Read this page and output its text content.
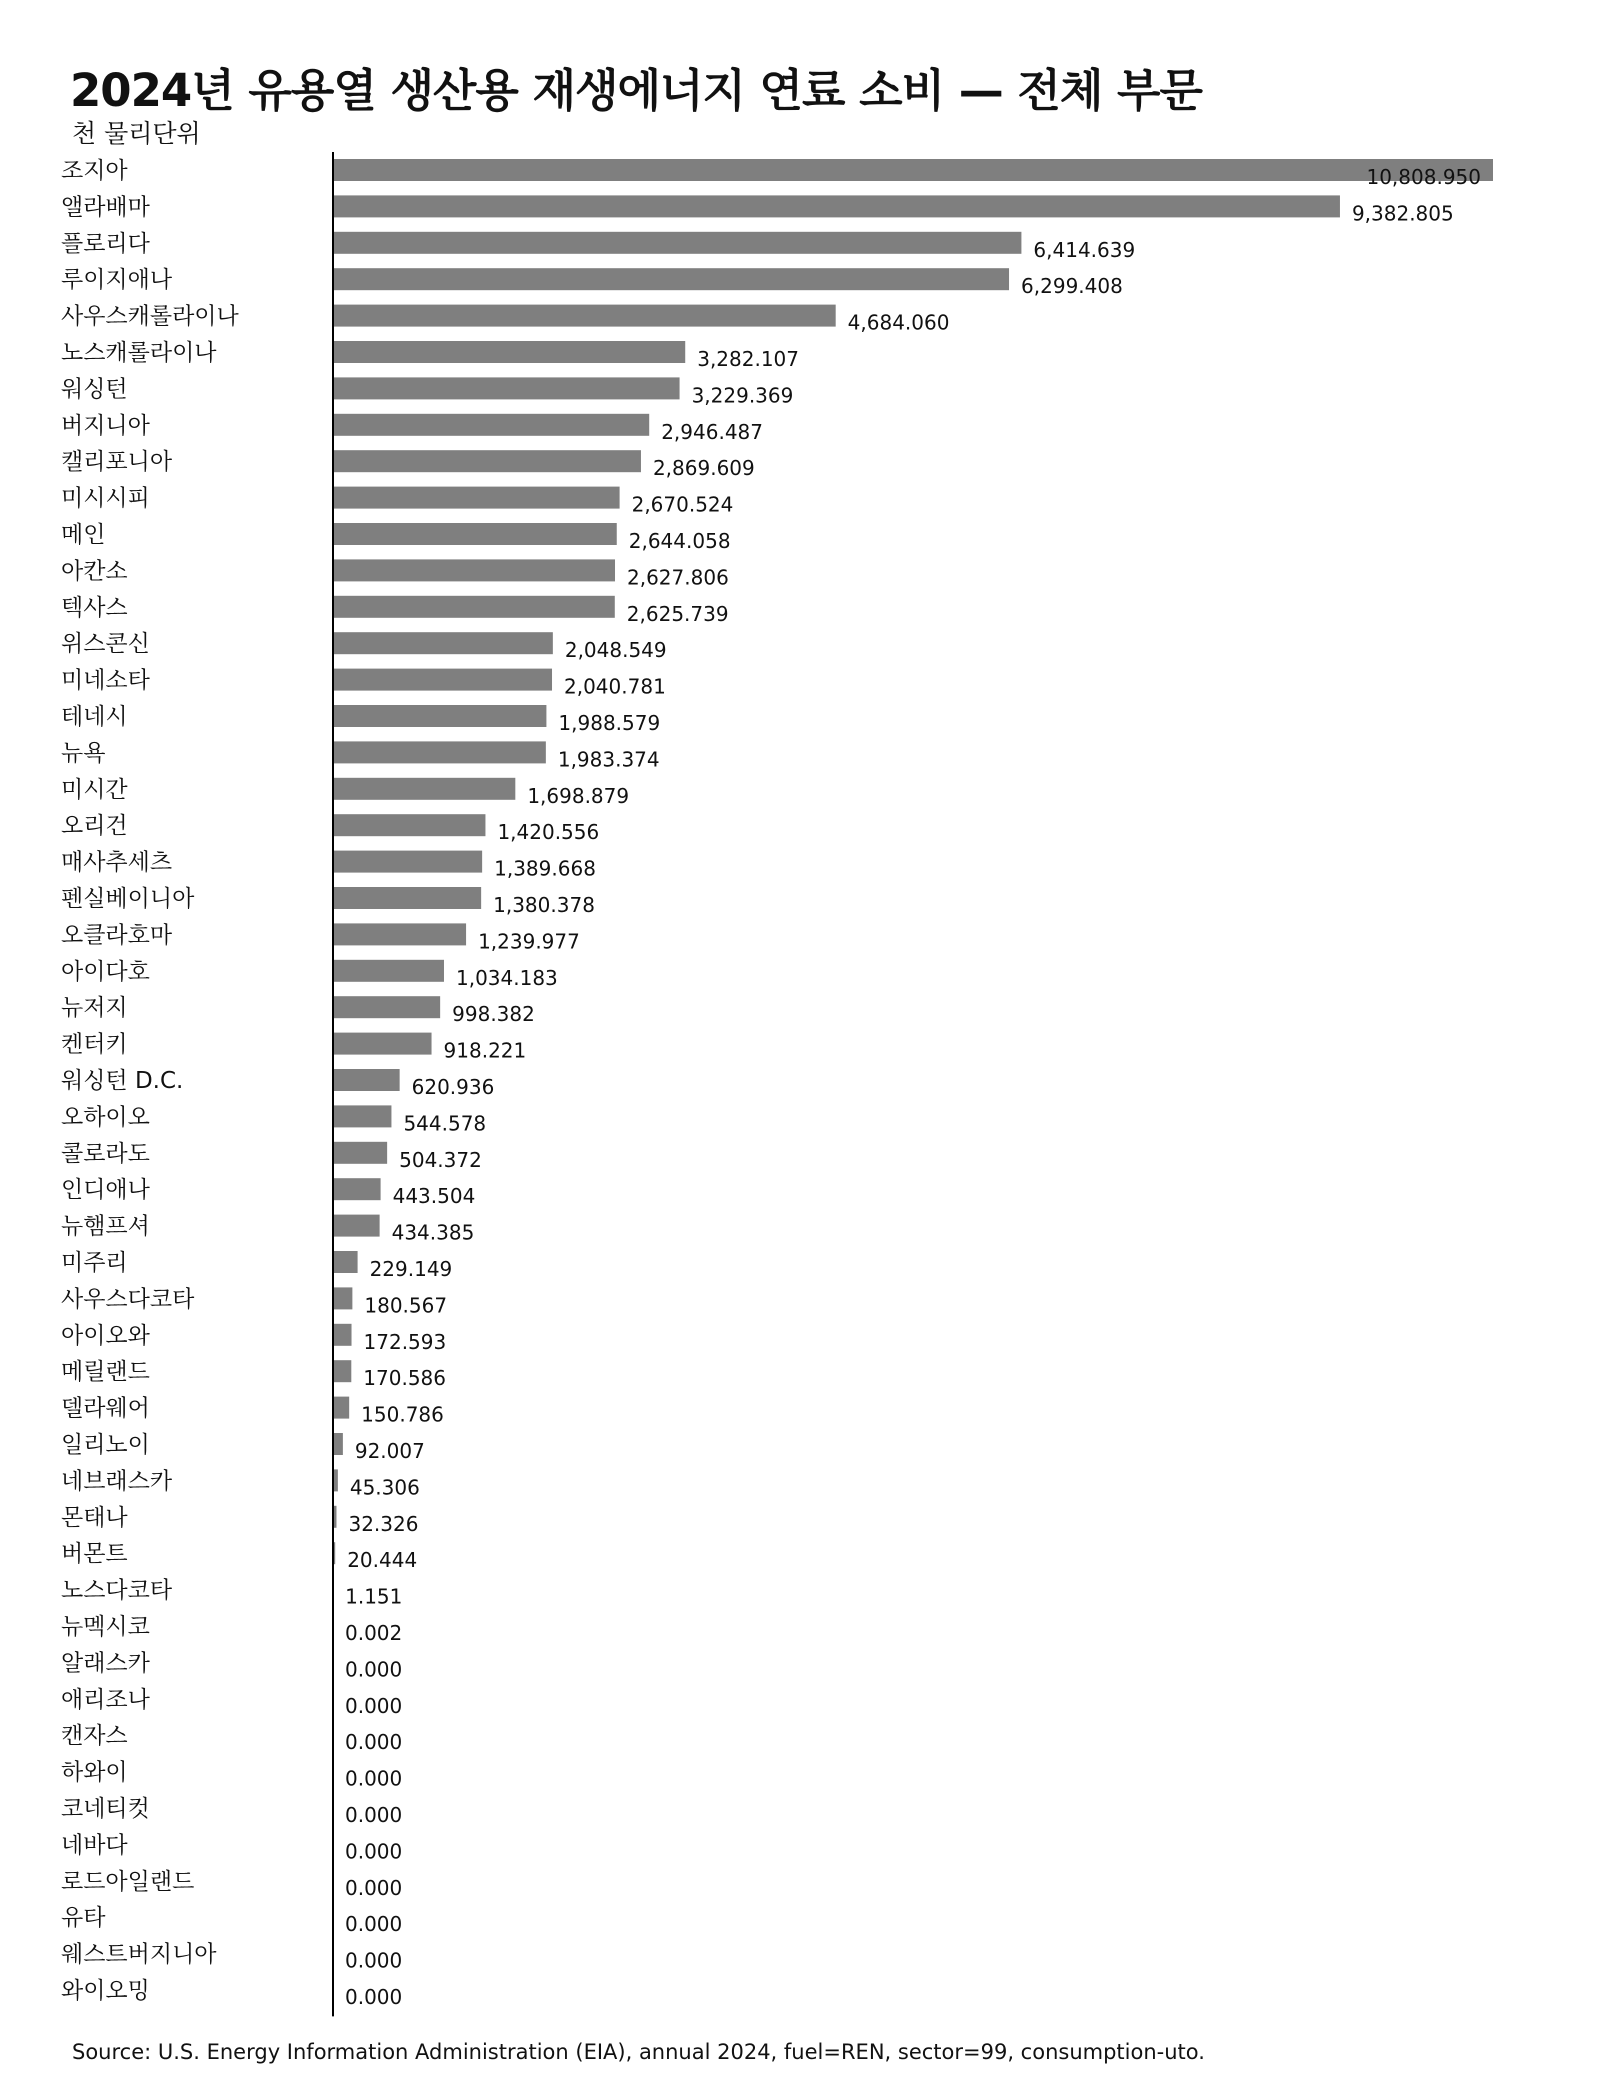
2024년 유용열 생산용 재생에너지 연료 소비 — 전체 부문
천 물리단위
조지아
앨라배마
플로리다
루이지애나
사우스캐롤라이나
노스캐롤라이나
워싱턴
버지니아
캘리포니아
미시시피
메인
아칸소
텍사스
위스콘신
미네소타
테네시
뉴욕
미시간
오리건
매사추세츠
펜실베이니아
오클라호마
아이다호
뉴저지
켄터키
워싱턴 D.C.
오하이오
콜로라도
인디애나
뉴햄프셔
미주리
사우스다코타
아이오와
메릴랜드
델라웨어
일리노이
네브래스카
몬태나
버몬트
노스다코타
뉴멕시코
알래스카
애리조나
캔자스
하와이
코네티컷
네바다
로드아일랜드
유타
웨스트버지니아
와이오밍
10,808.950
9,382.805
6,414.639
6,299.408
4,684.060
3,282.107
3,229.369
2,946.487
2,869.609
2,670.524
2,644.058
2,627.806
2,625.739
2,048.549
2,040.781
1,988.579
1,983.374
1,698.879
1,420.556
1,389.668
1,380.378
1,239.977
1,034.183
998.382
918.221
620.936
544.578
504.372
443.504
434.385
229.149
180.567
172.593
170.586
150.786
92.007
45.306
32.326
20.444
1.151
0.002
0.000
0.000
0.000
0.000
0.000
0.000
0.000
0.000
0.000
0.000
Source: U.S. Energy Information Administration (EIA), annual 2024, fuel=REN, sector=99, consumption-uto.
